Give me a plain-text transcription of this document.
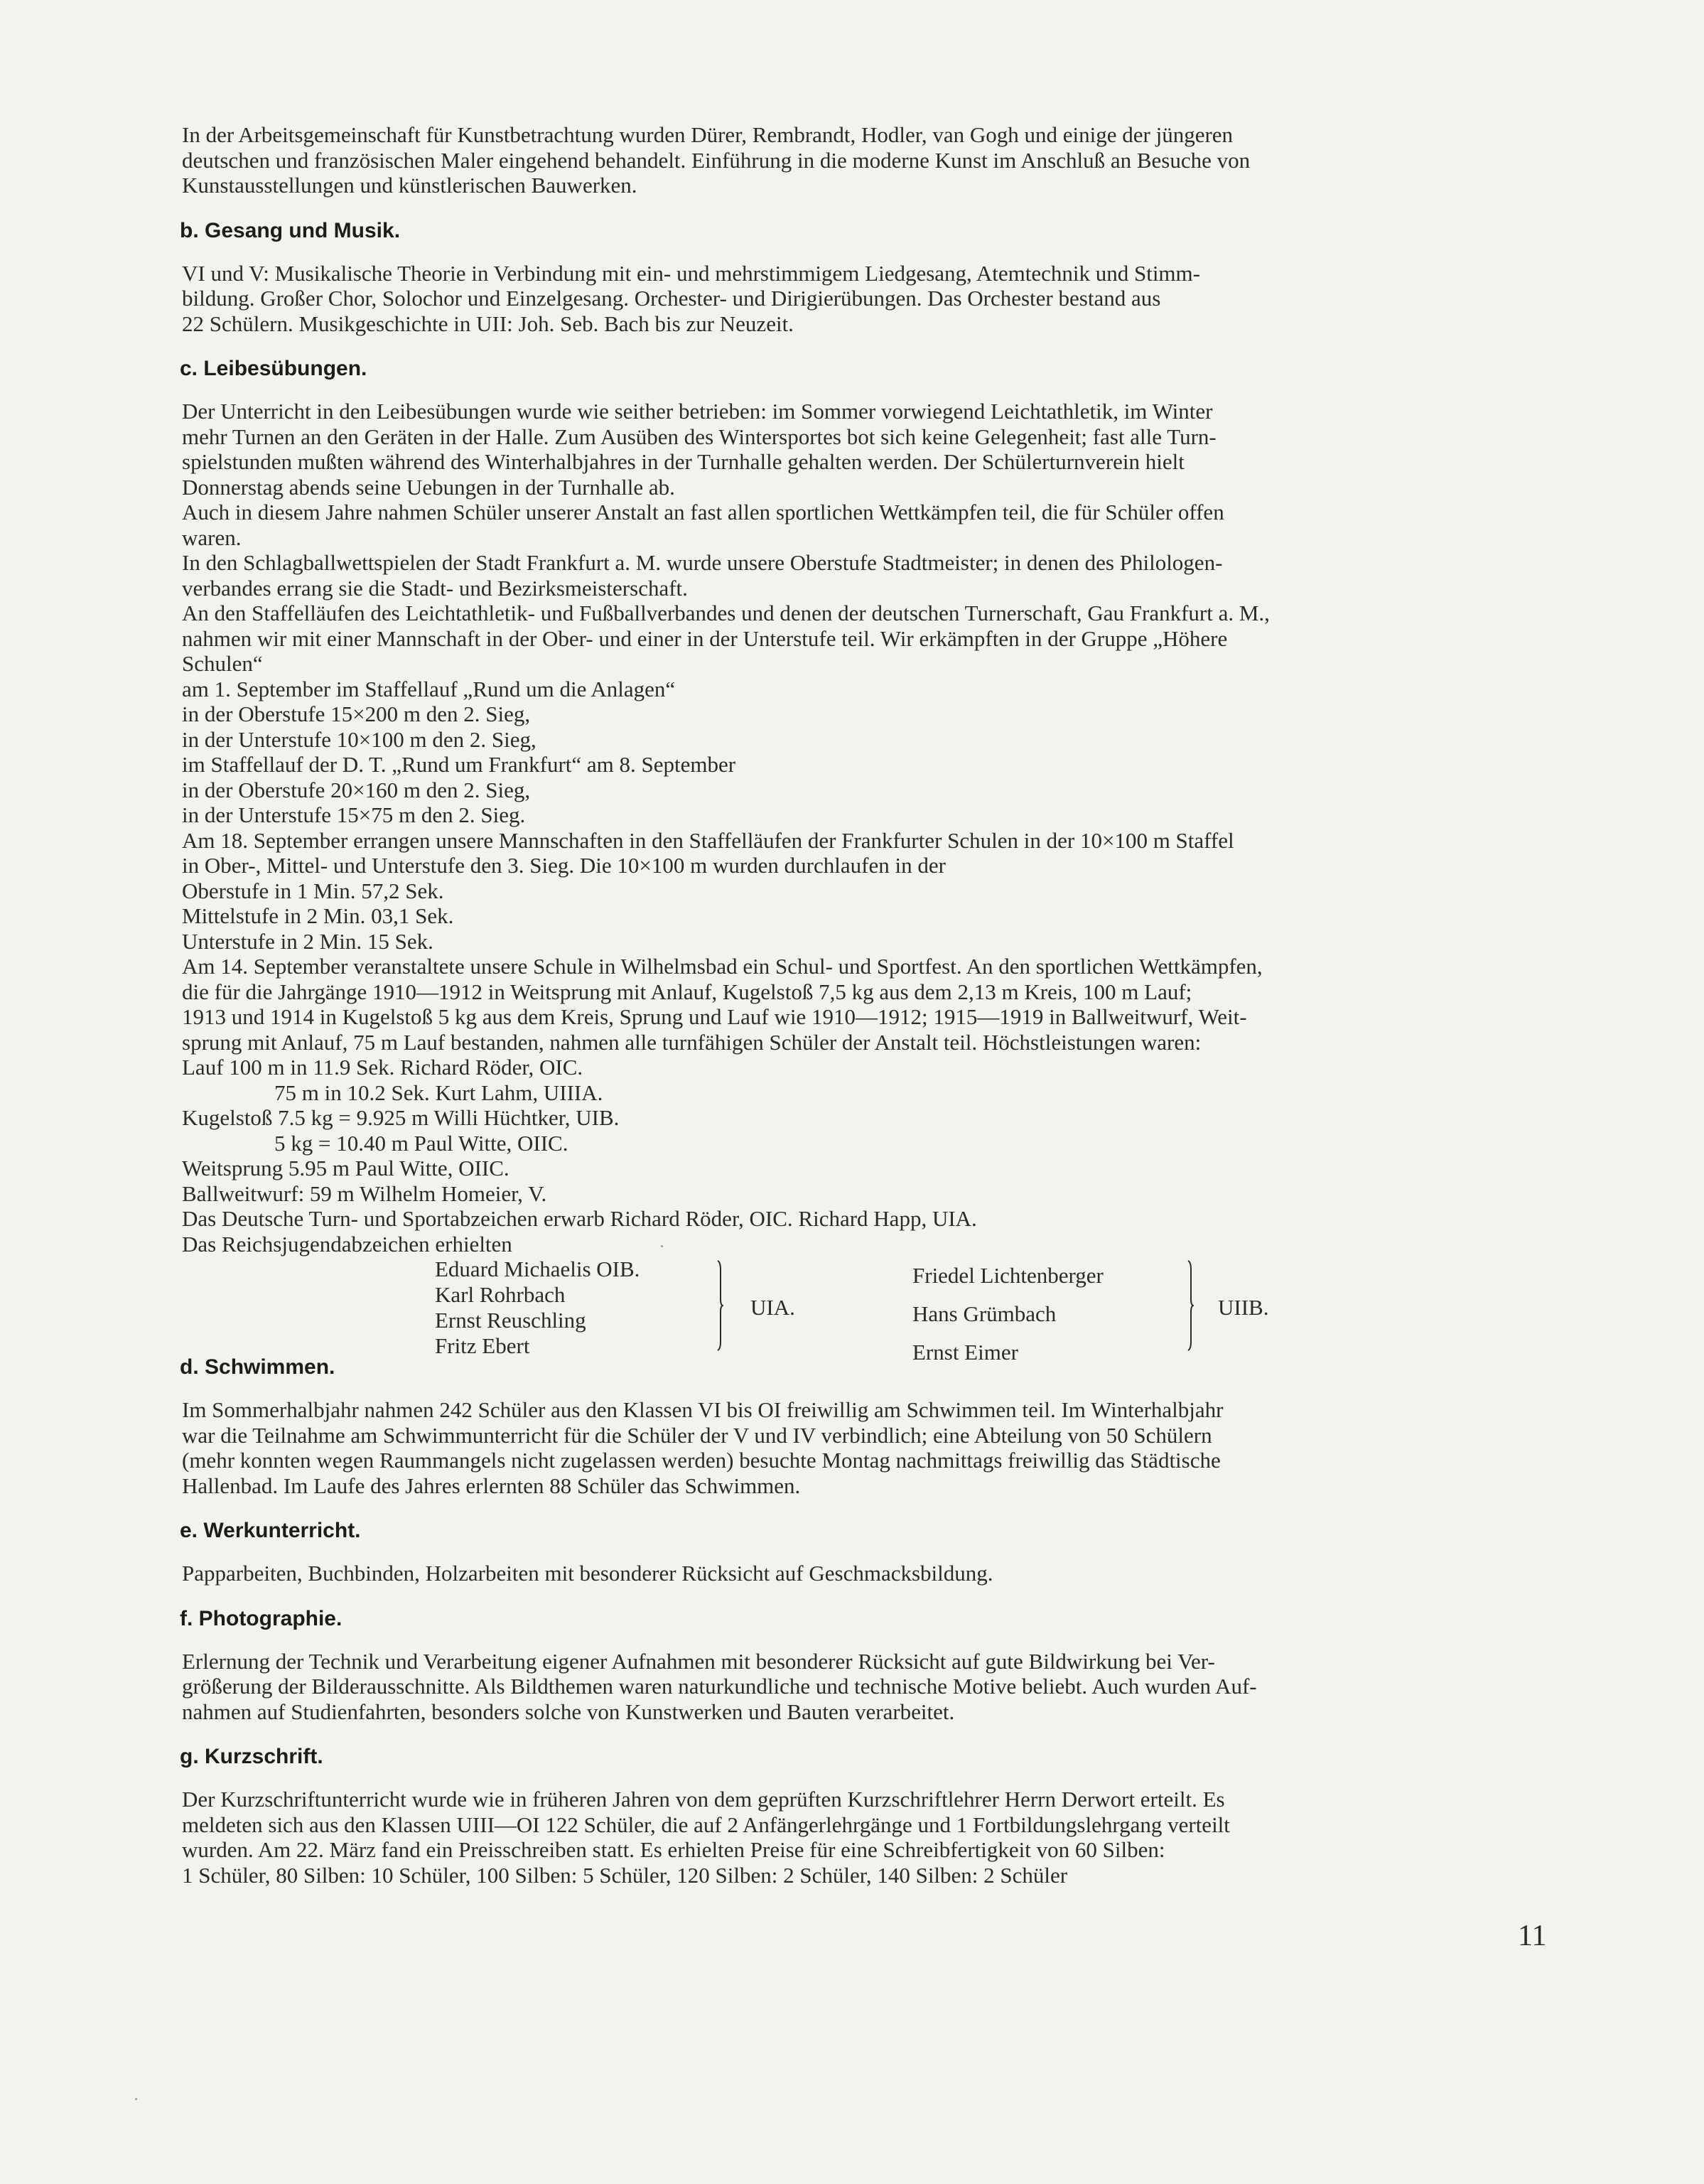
In der Arbeitsgemeinschaft für Kunstbetrachtung wurden Dürer, Rembrandt, Hodler, van Gogh und einige der jüngeren
deutschen und französischen Maler eingehend behandelt. Einführung in die moderne Kunst im Anschluß an Besuche von
Kunstausstellungen und künstlerischen Bauwerken.
b. Gesang und Musik.
VI und V: Musikalische Theorie in Verbindung mit ein- und mehrstimmigem Liedgesang, Atemtechnik und Stimm-
bildung. Großer Chor, Solochor und Einzelgesang. Orchester- und Dirigierübungen. Das Orchester bestand aus
22 Schülern. Musikgeschichte in UII: Joh. Seb. Bach bis zur Neuzeit.
c. Leibesübungen.
Der Unterricht in den Leibesübungen wurde wie seither betrieben: im Sommer vorwiegend Leichtathletik, im Winter
mehr Turnen an den Geräten in der Halle. Zum Ausüben des Wintersportes bot sich keine Gelegenheit; fast alle Turn-
spielstunden mußten während des Winterhalbjahres in der Turnhalle gehalten werden. Der Schülerturnverein hielt
Donnerstag abends seine Uebungen in der Turnhalle ab.
Auch in diesem Jahre nahmen Schüler unserer Anstalt an fast allen sportlichen Wettkämpfen teil, die für Schüler offen
waren.
In den Schlagballwettspielen der Stadt Frankfurt a. M. wurde unsere Oberstufe Stadtmeister; in denen des Philologen-
verbandes errang sie die Stadt- und Bezirksmeisterschaft.
An den Staffelläufen des Leichtathletik- und Fußballverbandes und denen der deutschen Turnerschaft, Gau Frankfurt a. M.,
nahmen wir mit einer Mannschaft in der Ober- und einer in der Unterstufe teil. Wir erkämpften in der Gruppe „Höhere
Schulen“
am 1. September im Staffellauf „Rund um die Anlagen“
in der Oberstufe 15×200 m den 2. Sieg,
in der Unterstufe 10×100 m den 2. Sieg,
im Staffellauf der D. T. „Rund um Frankfurt“ am 8. September
in der Oberstufe 20×160 m den 2. Sieg,
in der Unterstufe 15×75 m den 2. Sieg.
Am 18. September errangen unsere Mannschaften in den Staffelläufen der Frankfurter Schulen in der 10×100 m Staffel
in Ober-, Mittel- und Unterstufe den 3. Sieg. Die 10×100 m wurden durchlaufen in der
Oberstufe in 1 Min. 57,2 Sek.
Mittelstufe in 2 Min. 03,1 Sek.
Unterstufe in 2 Min. 15 Sek.
Am 14. September veranstaltete unsere Schule in Wilhelmsbad ein Schul- und Sportfest. An den sportlichen Wettkämpfen,
die für die Jahrgänge 1910—1912 in Weitsprung mit Anlauf, Kugelstoß 7,5 kg aus dem 2,13 m Kreis, 100 m Lauf;
1913 und 1914 in Kugelstoß 5 kg aus dem Kreis, Sprung und Lauf wie 1910—1912; 1915—1919 in Ballweitwurf, Weit-
sprung mit Anlauf, 75 m Lauf bestanden, nahmen alle turnfähigen Schüler der Anstalt teil. Höchstleistungen waren:
Lauf 100 m in 11.9 Sek. Richard Röder, OIC.
75 m in 10.2 Sek. Kurt Lahm, UIIIA.
Kugelstoß 7.5 kg = 9.925 m Willi Hüchtker, UIB.
5 kg = 10.40 m Paul Witte, OIIC.
Weitsprung 5.95 m Paul Witte, OIIC.
Ballweitwurf: 59 m Wilhelm Homeier, V.
Das Deutsche Turn- und Sportabzeichen erwarb Richard Röder, OIC. Richard Happ, UIA.
Das Reichsjugendabzeichen erhielten
Eduard Michaelis OIB.
Karl Rohrbach
Ernst Reuschling
Fritz Ebert
UIA.
Friedel Lichtenberger
Hans Grümbach
Ernst Eimer
UIIB.
d. Schwimmen.
Im Sommerhalbjahr nahmen 242 Schüler aus den Klassen VI bis OI freiwillig am Schwimmen teil. Im Winterhalbjahr
war die Teilnahme am Schwimmunterricht für die Schüler der V und IV verbindlich; eine Abteilung von 50 Schülern
(mehr konnten wegen Raummangels nicht zugelassen werden) besuchte Montag nachmittags freiwillig das Städtische
Hallenbad. Im Laufe des Jahres erlernten 88 Schüler das Schwimmen.
e. Werkunterricht.
Papparbeiten, Buchbinden, Holzarbeiten mit besonderer Rücksicht auf Geschmacksbildung.
f. Photographie.
Erlernung der Technik und Verarbeitung eigener Aufnahmen mit besonderer Rücksicht auf gute Bildwirkung bei Ver-
größerung der Bilderausschnitte. Als Bildthemen waren naturkundliche und technische Motive beliebt. Auch wurden Auf-
nahmen auf Studienfahrten, besonders solche von Kunstwerken und Bauten verarbeitet.
g. Kurzschrift.
Der Kurzschriftunterricht wurde wie in früheren Jahren von dem geprüften Kurzschriftlehrer Herrn Derwort erteilt. Es
meldeten sich aus den Klassen UIII—OI 122 Schüler, die auf 2 Anfängerlehrgänge und 1 Fortbildungslehrgang verteilt
wurden. Am 22. März fand ein Preisschreiben statt. Es erhielten Preise für eine Schreibfertigkeit von 60 Silben:
1 Schüler, 80 Silben: 10 Schüler, 100 Silben: 5 Schüler, 120 Silben: 2 Schüler, 140 Silben: 2 Schüler
11
